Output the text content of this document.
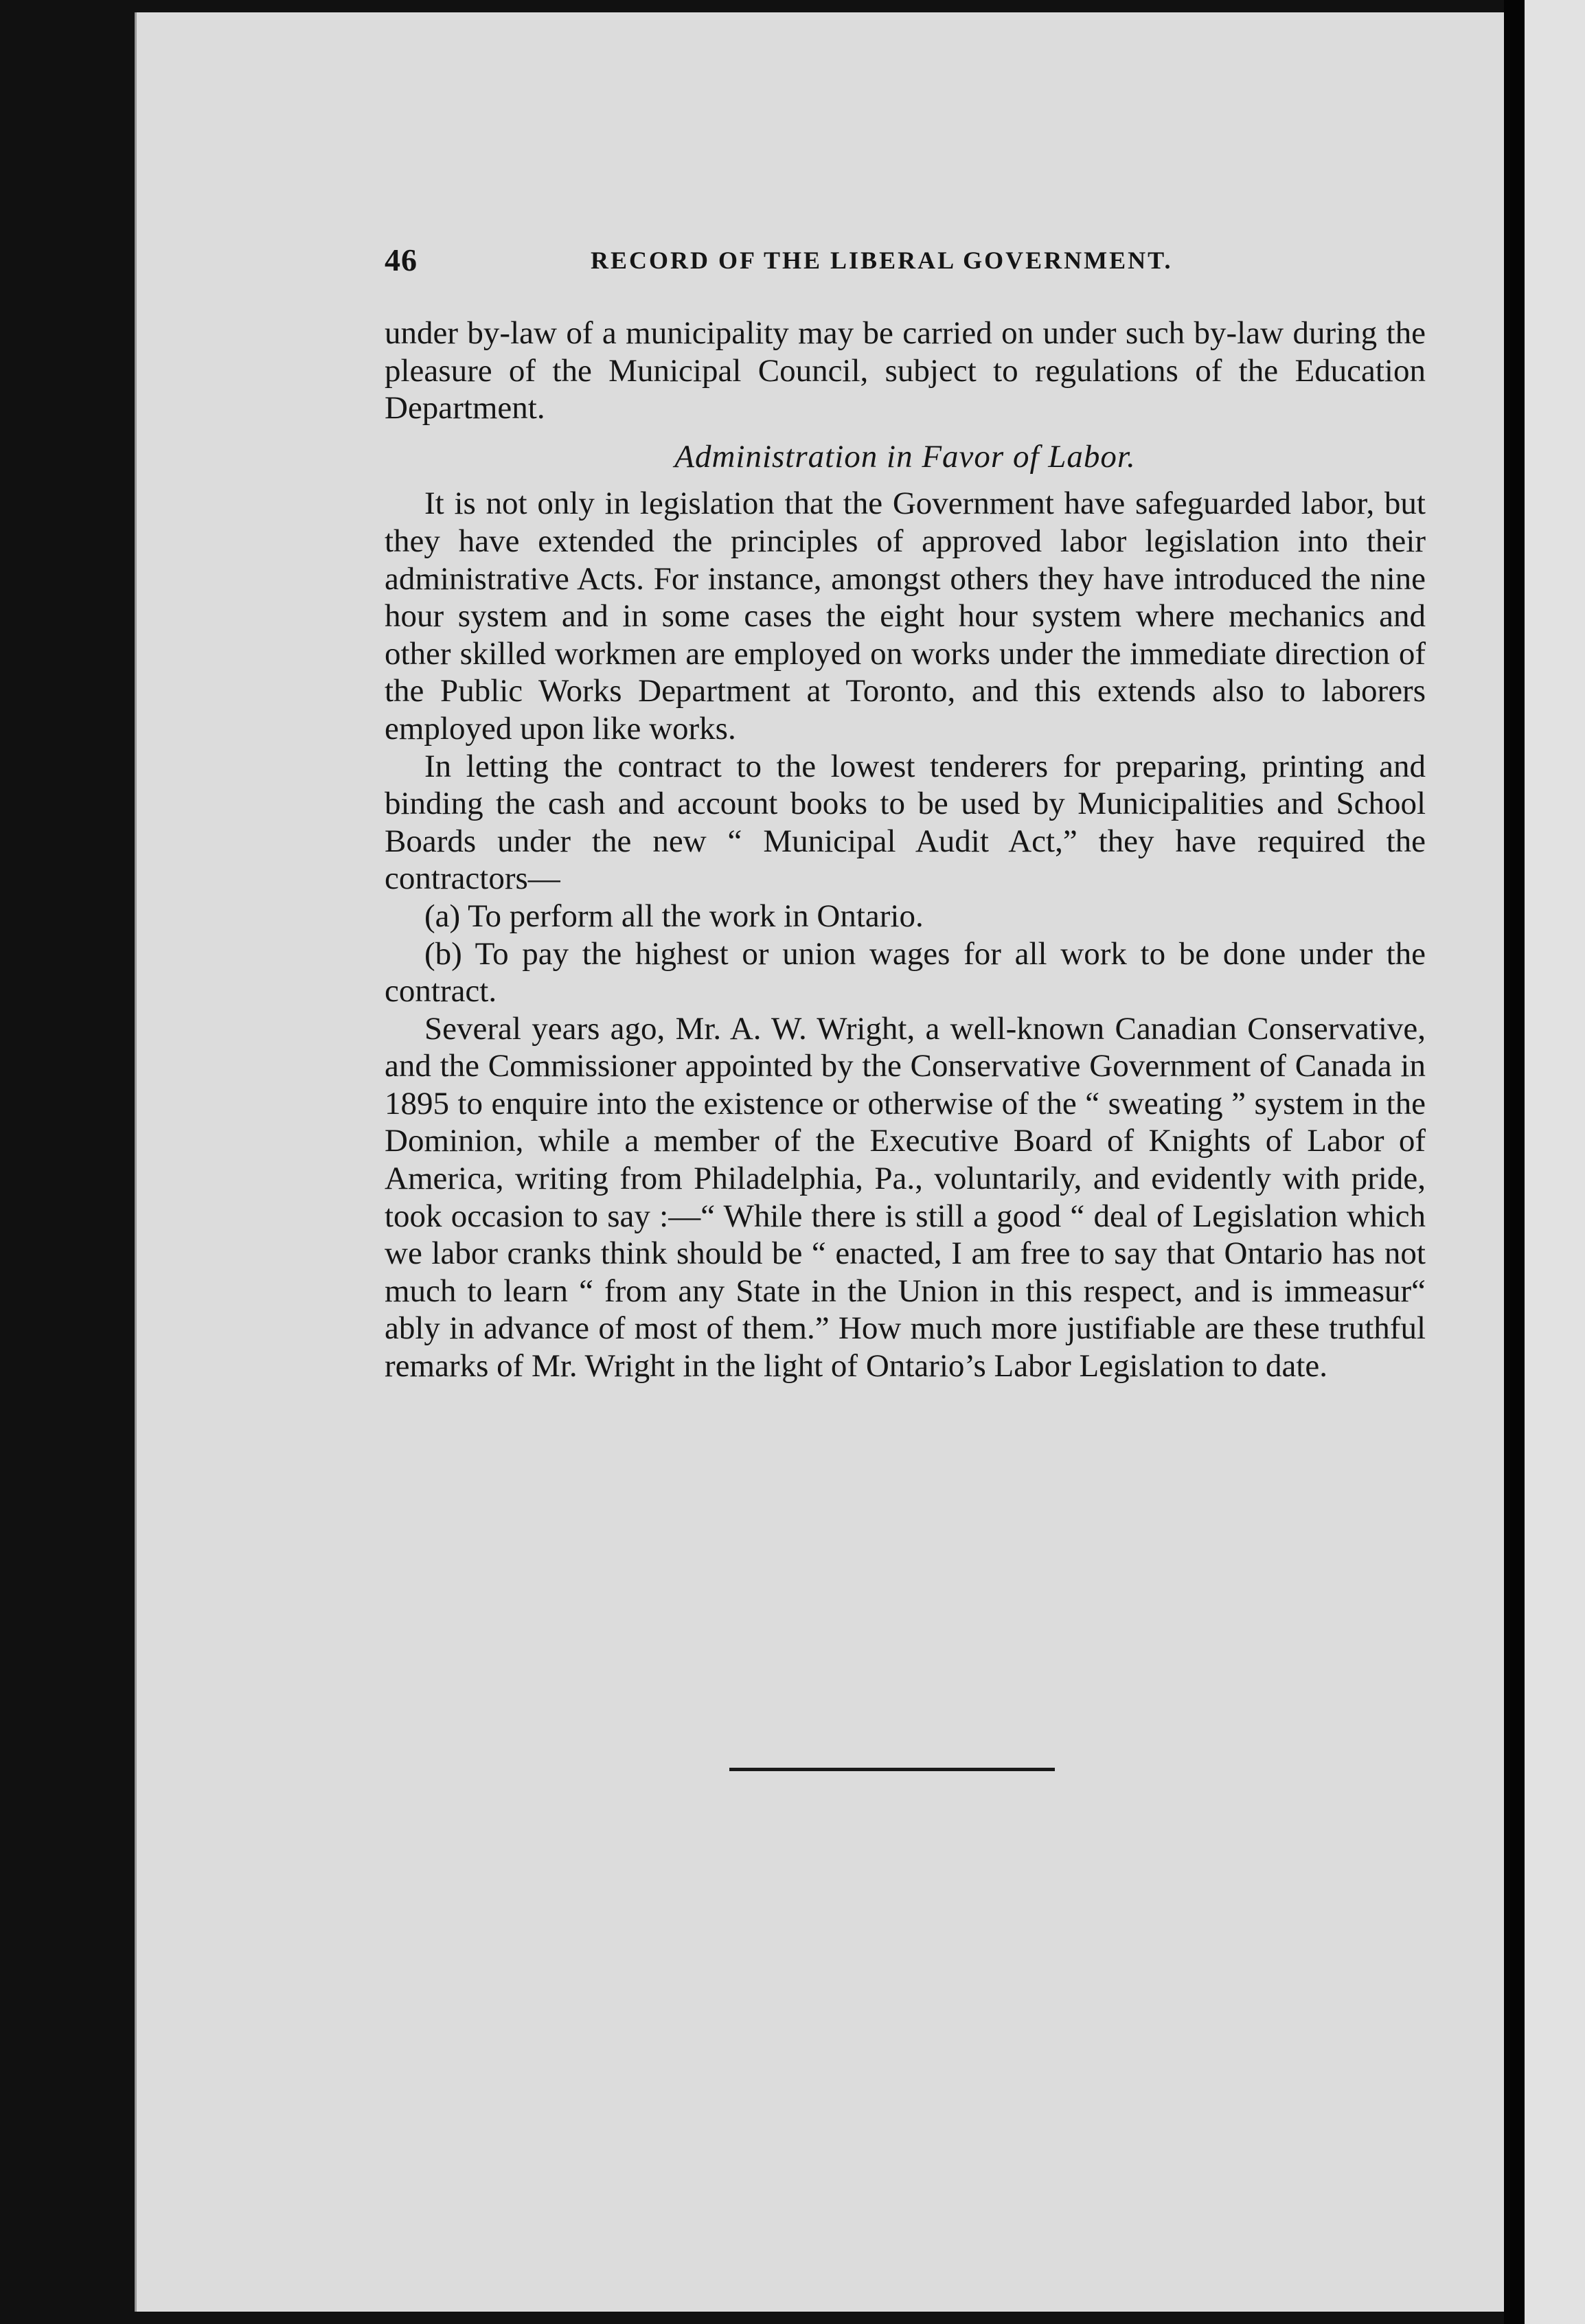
46	RECORD OF THE LIBERAL GOVERNMENT.

under by-law of a municipality may be carried on under such by-law during the pleasure of the Municipal Council, subject to regulations of the Education Department.

Administration in Favor of Labor.

It is not only in legislation that the Government have safeguarded labor, but they have extended the principles of approved labor legislation into their administrative Acts. For instance, amongst others they have introduced the nine hour system and in some cases the eight hour system where mechanics and other skilled workmen are employed on works under the immediate direction of the Public Works Department at Toronto, and this extends also to laborers employed upon like works.

In letting the contract to the lowest tenderers for preparing, printing and binding the cash and account books to be used by Municipalities and School Boards under the new “ Municipal Audit Act,” they have required the contractors—

(a) To perform all the work in Ontario.

(b) To pay the highest or union wages for all work to be done under the contract.

Several years ago, Mr. A. W. Wright, a well-known Canadian Conservative, and the Commissioner appointed by the Conservative Government of Canada in 1895 to enquire into the existence or otherwise of the “ sweating ” system in the Dominion, while a member of the Executive Board of Knights of Labor of America, writing from Philadelphia, Pa., voluntarily, and evidently with pride, took occasion to say :—“ While there is still a good “ deal of Legislation which we labor cranks think should be “ enacted, I am free to say that Ontario has not much to learn “ from any State in the Union in this respect, and is immeasur“ ably in advance of most of them.” How much more justifiable are these truthful remarks of Mr. Wright in the light of Ontario’s Labor Legislation to date.
